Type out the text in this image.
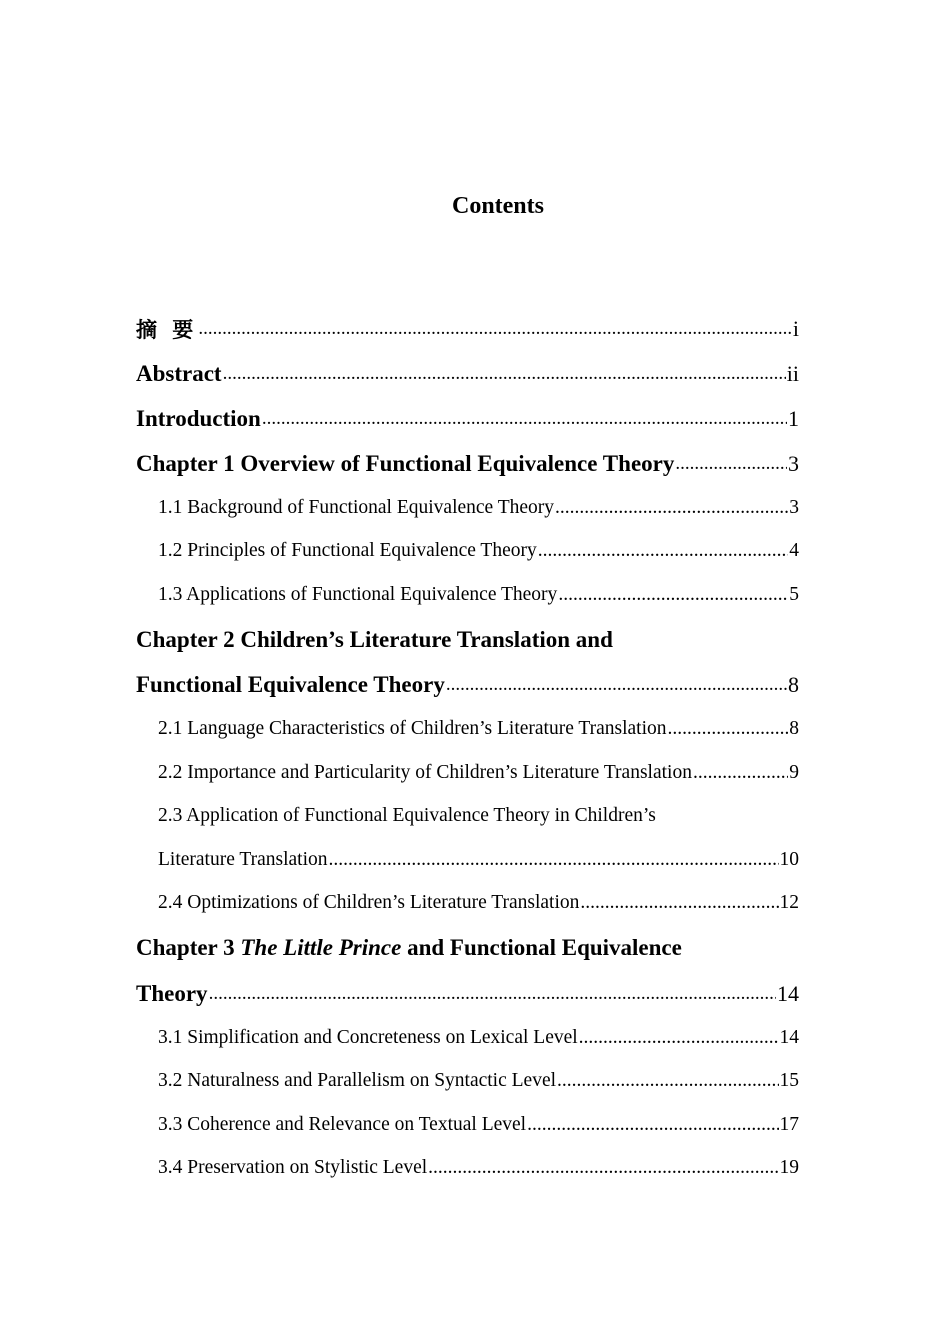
Contents
摘 要 .....	i
Abstract .....	ii
Introduction .....	1
Chapter 1 Overview of Functional Equivalence Theory .....	3
1.1 Background of Functional Equivalence Theory .....	3
1.2 Principles of Functional Equivalence Theory .....	4
1.3 Applications of Functional Equivalence Theory .....	5
Chapter 2 Children’s Literature Translation and
Functional Equivalence Theory .....	8
2.1 Language Characteristics of Children’s Literature Translation .....	8
2.2 Importance and Particularity of Children’s Literature Translation .....	9
2.3 Application of Functional Equivalence Theory in Children’s
Literature Translation .....	10
2.4 Optimizations of Children’s Literature Translation .....	12
Chapter 3 The Little Prince and Functional Equivalence
Theory .....	14
3.1 Simplification and Concreteness on Lexical Level .....	14
3.2 Naturalness and Parallelism on Syntactic Level .....	15
3.3 Coherence and Relevance on Textual Level .....	17
3.4 Preservation on Stylistic Level .....	19
